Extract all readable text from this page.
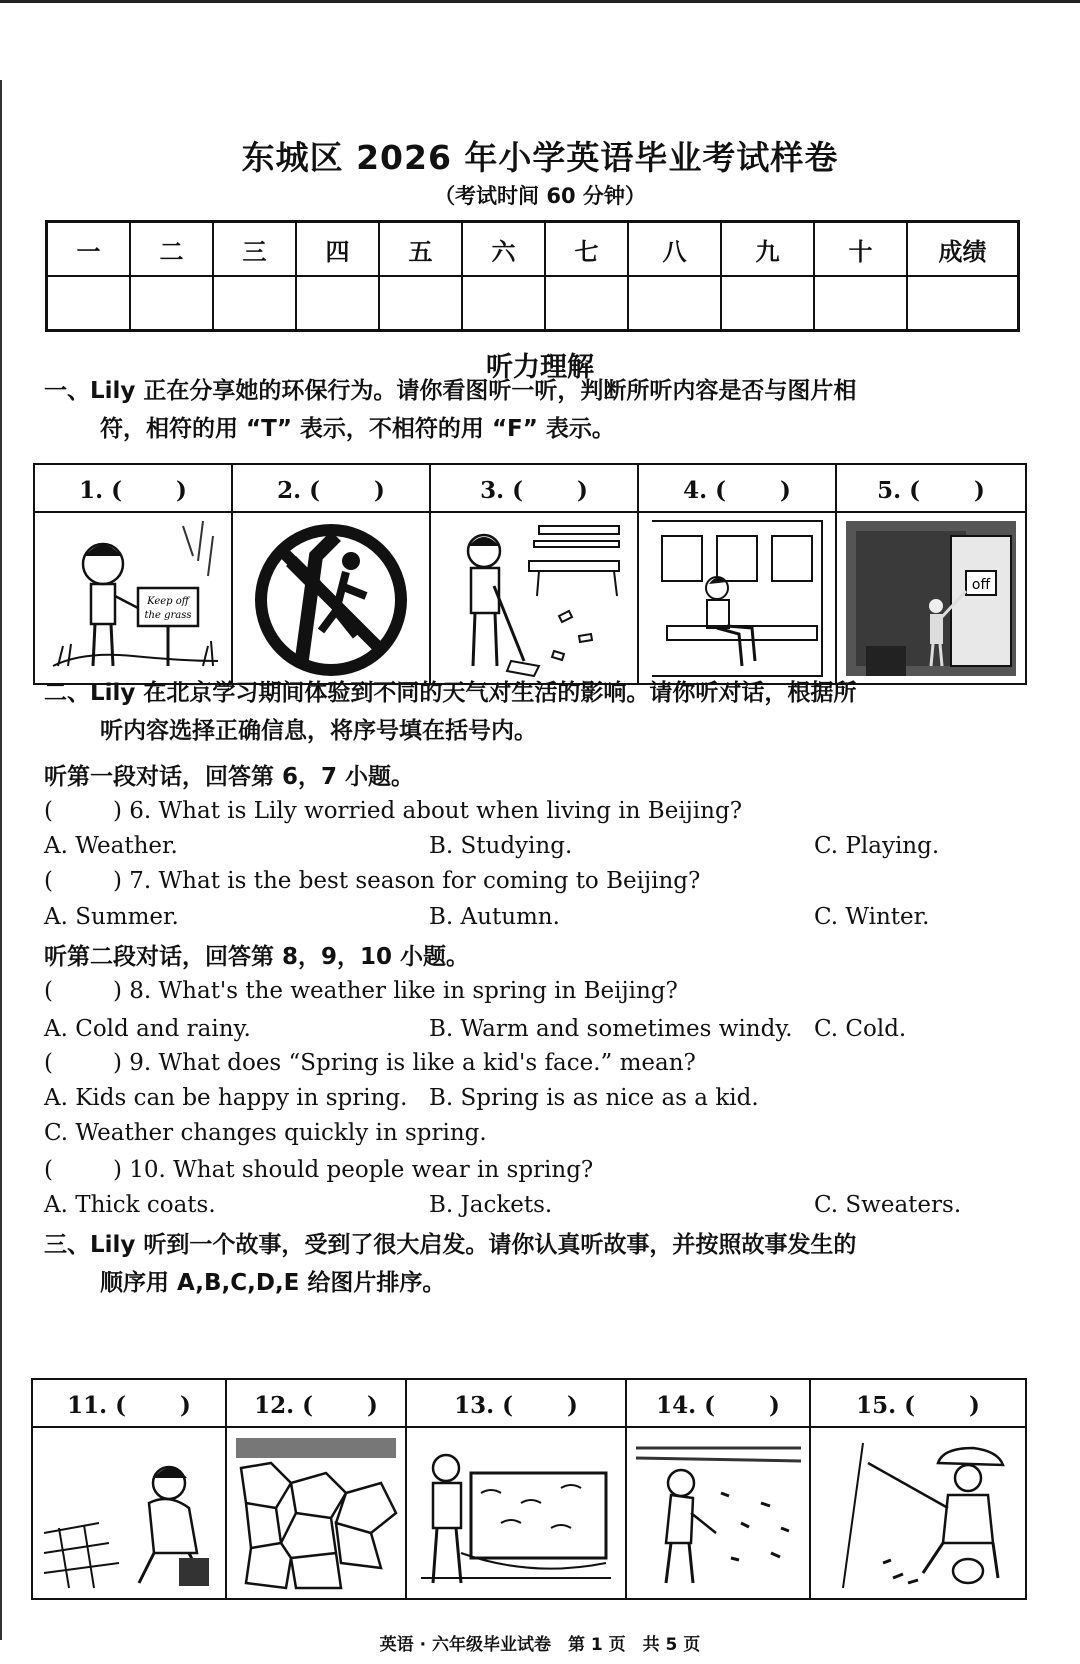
东城区 2026 年小学英语毕业考试样卷
（考试时间 60 分钟）
一	二	三	四	五	六	七	八	九	十	成绩

听力理解
一、Lily 正在分享她的环保行为。请你看图听一听，判断所听内容是否与图片相
符，相符的用 “T” 表示，不相符的用 “F” 表示。
1. (　　 )	2. (　　 )	3. (　　 )	4. (　　 )	5. (　　 )

Keep off
the grass				off
二、Lily 在北京学习期间体验到不同的天气对生活的影响。请你听对话，根据所
听内容选择正确信息，将序号填在括号内。
听第一段对话，回答第 6，7 小题。
(	) 6. What is Lily worried about when living in Beijing?
A. Weather.	B. Studying.	C. Playing.
(	) 7. What is the best season for coming to Beijing?
A. Summer.	B. Autumn.	C. Winter.
听第二段对话，回答第 8，9，10 小题。
(	) 8. What's the weather like in spring in Beijing?
A. Cold and rainy.	B. Warm and sometimes windy. C. Cold.
(	) 9. What does “Spring is like a kid's face.” mean?
A. Kids can be happy in spring. B. Spring is as nice as a kid.
C. Weather changes quickly in spring.
(	) 10. What should people wear in spring?
A. Thick coats.	B. Jackets.	C. Sweaters.
三、Lily 听到一个故事，受到了很大启发。请你认真听故事，并按照故事发生的
顺序用 A,B,C,D,E 给图片排序。
11. (　　 )	12. (　　 )	13. (　　 )	14. (　　 )	15. (　　 )

英语 · 六年级毕业试卷　第 1 页　共 5 页
